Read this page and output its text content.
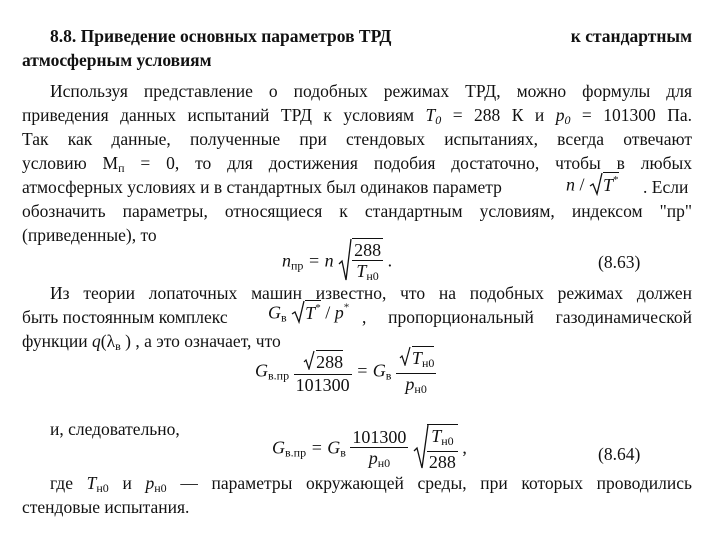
8.8. Приведение основных параметров ТРД	к стандартным
атмосферным условиям
Используя представление о подобных режимах ТРД, можно формулы для
приведения данных испытаний ТРД к условиям $T_0 = 288$ К и $p_0 = 101300$ Па.
Так как данные, полученные при стендовых испытаниях, всегда отвечают
условию $М_п = 0$, то для достижения подобия достаточно, чтобы в любых
атмосферных условиях и в стандартных был одинаков параметр	n / T* . Если
обозначить параметры, относящиеся к стандартным условиям, индексом "пр"
(приведенные), то
$n_{пр} = n \frac{288}{T_{н0}}$ .	(8.63)
Из теории лопаточных машин известно, что на подобных режимах должен
быть постоянным комплекс $G_в$ T* / p* , пропорциональный газодинамической
функции $q(\lambda_в$ ) , а это означает, что
$G_{в.пр} \frac{288}{101300} = G_в \frac{T_{н0}}{p_{н0}}$
и, следовательно,
$G_{в.пр} = G_в \frac{101300}{p_{н0}}$
$\frac{T_{н0}}{288}$ ,	(8.64)
где $T_{н0}$ и $p_{н0}$ — параметры окружающей среды, при которых проводились
стендовые испытания.
